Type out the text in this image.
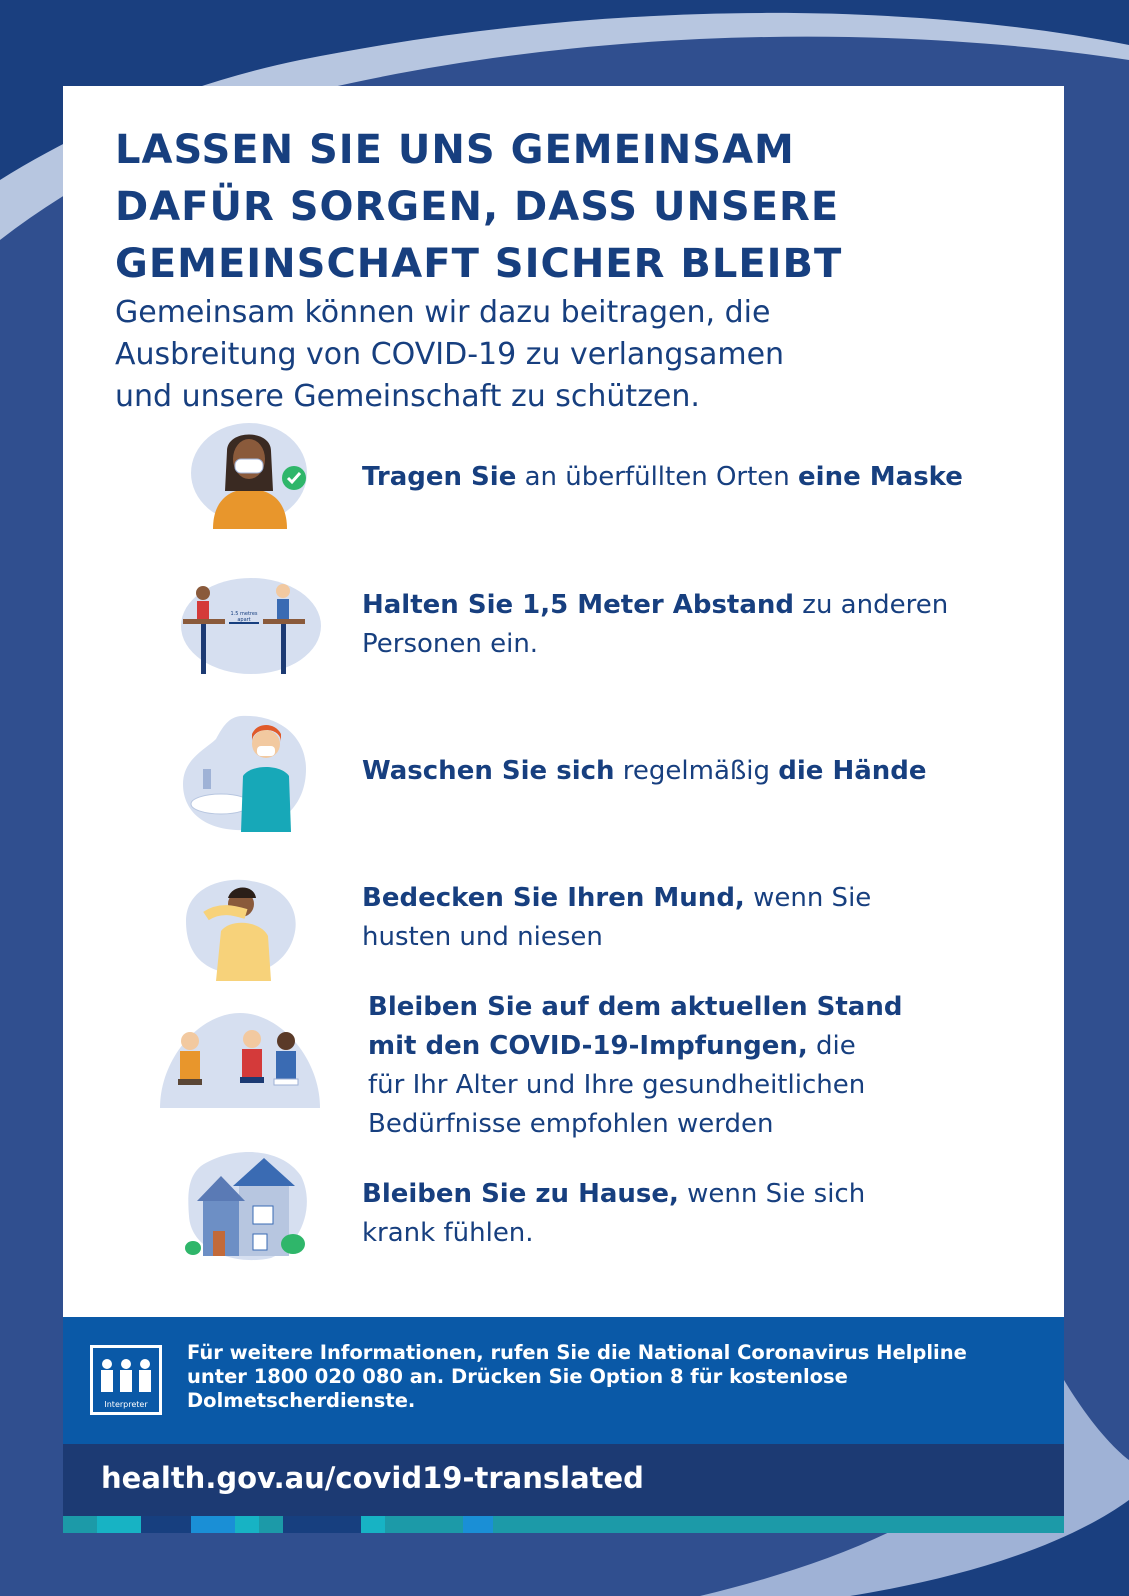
LASSEN SIE UNS GEMEINSAM
DAFÜR SORGEN, DASS UNSERE
GEMEINSCHAFT SICHER BLEIBT
Gemeinsam können wir dazu beitragen, die
Ausbreitung von COVID-19 zu verlangsamen
und unsere Gemeinschaft zu schützen.
Tragen Sie an überfüllten Orten eine Maske
1.5 metres
apart	Halten Sie 1,5 Meter Abstand zu anderen
Personen ein.
Waschen Sie sich regelmäßig die Hände
Bedecken Sie Ihren Mund, wenn Sie
husten und niesen
Bleiben Sie auf dem aktuellen Stand
mit den COVID-19-Impfungen, die
für Ihr Alter und Ihre gesundheitlichen
Bedürfnisse empfohlen werden
Bleiben Sie zu Hause, wenn Sie sich
krank fühlen.
Interpreter
Für weitere Informationen, rufen Sie die National Coronavirus Helpline
unter 1800 020 080 an. Drücken Sie Option 8 für kostenlose
Dolmetscherdienste.
health.gov.au/covid19-translated
